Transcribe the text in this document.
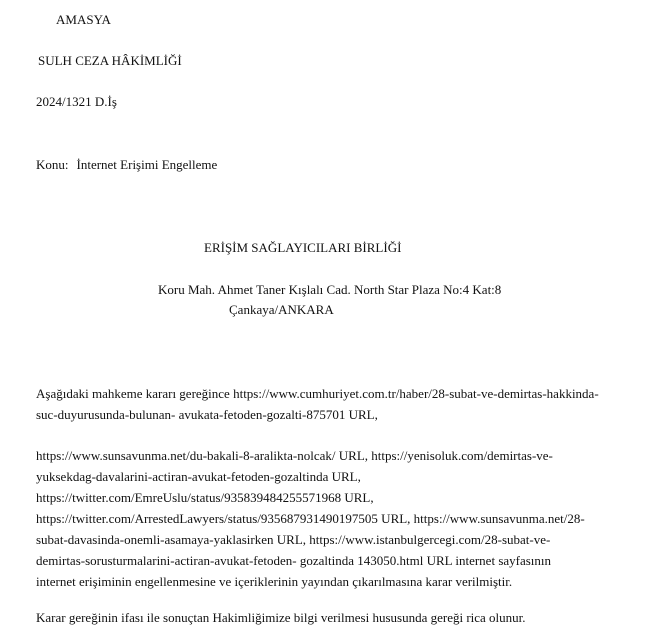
AMASYA
SULH CEZA HÂKİMLİĞİ
2024/1321 D.İş
Konu: İnternet Erişimi Engelleme
ERİŞİM SAĞLAYICILARI BİRLİĞİ
Koru Mah. Ahmet Taner Kışlalı Cad. North Star Plaza No:4 Kat:8
Çankaya/ANKARA
Aşağıdaki mahkeme kararı gereğince https://www.cumhuriyet.com.tr/haber/28-subat-ve-demirtas-hakkinda-
suc-duyurusunda-bulunan- avukata-fetoden-gozalti-875701 URL,
https://www.sunsavunma.net/du-bakali-8-aralikta-nolcak/ URL, https://yenisoluk.com/demirtas-ve-
yuksekdag-davalarini-actiran-avukat-fetoden-gozaltinda URL,
https://twitter.com/EmreUslu/status/935839484255571968 URL,
https://twitter.com/ArrestedLawyers/status/935687931490197505 URL, https://www.sunsavunma.net/28-
subat-davasinda-onemli-asamaya-yaklasirken URL, https://www.istanbulgercegi.com/28-subat-ve-
demirtas-sorusturmalarini-actiran-avukat-fetoden- gozaltinda 143050.html URL internet sayfasının
internet erişiminin engellenmesine ve içeriklerinin yayından çıkarılmasına karar verilmiştir.
Karar gereğinin ifası ile sonuçtan Hakimliğimize bilgi verilmesi hususunda gereği rica olunur.
